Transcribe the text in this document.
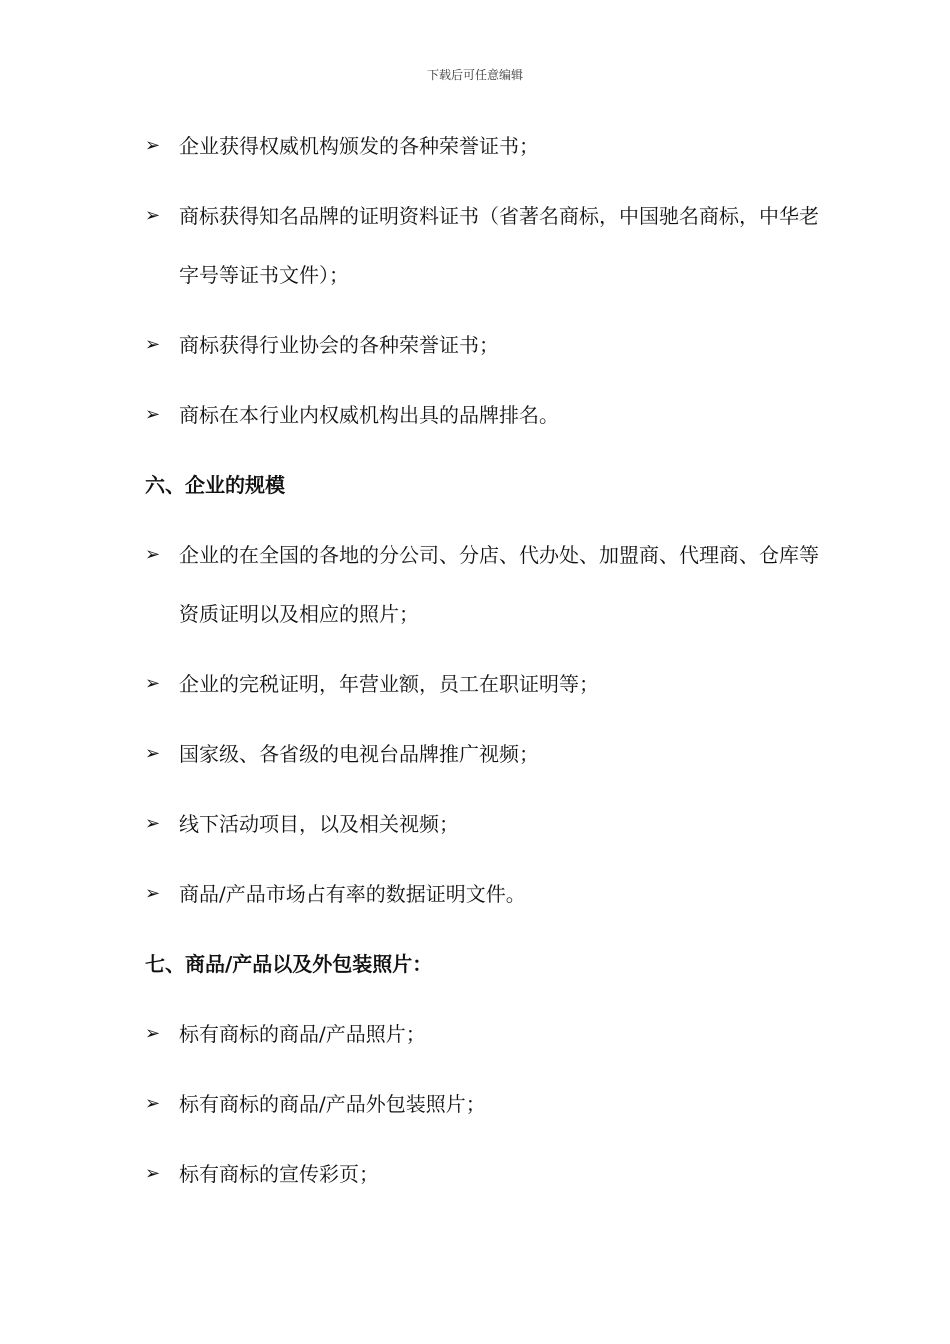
下载后可任意编辑
➢ 企业获得权威机构颁发的各种荣誉证书；
➢ 商标获得知名品牌的证明资料证书（省著名商标，中国驰名商标，中华老字号等证书文件）；
➢ 商标获得行业协会的各种荣誉证书；
➢ 商标在本行业内权威机构出具的品牌排名。
六、企业的规模
➢ 企业的在全国的各地的分公司、分店、代办处、加盟商、代理商、仓库等资质证明以及相应的照片；
➢ 企业的完税证明，年营业额，员工在职证明等；
➢ 国家级、各省级的电视台品牌推广视频；
➢ 线下活动项目，以及相关视频；
➢ 商品/产品市场占有率的数据证明文件。
七、商品/产品以及外包装照片：
➢ 标有商标的商品/产品照片；
➢ 标有商标的商品/产品外包装照片；
➢ 标有商标的宣传彩页；
